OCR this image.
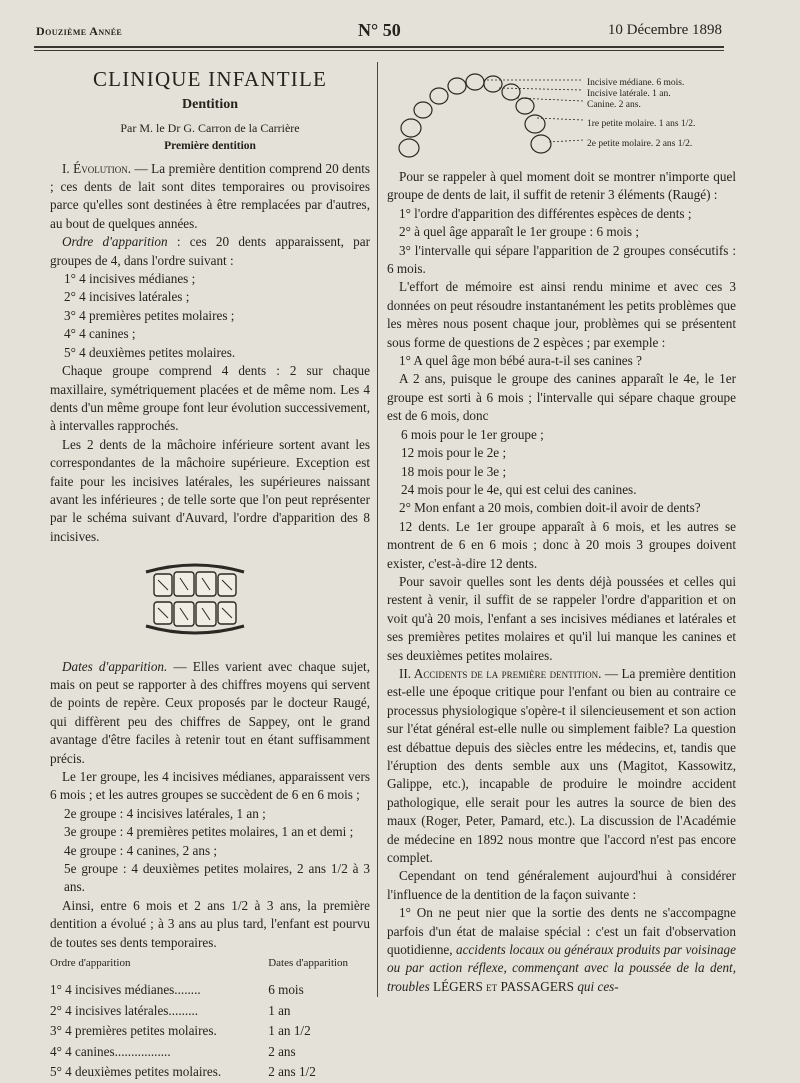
Douzième Année	N° 50	10 Décembre 1898
CLINIQUE INFANTILE
Dentition
Par M. le Dr G. Carron de la Carrière
Première dentition

I. Évolution. — La première dentition comprend 20 dents ; ces dents de lait sont dites temporaires ou provisoires parce qu'elles sont destinées à être remplacées par d'autres, au bout de quelques années.

Ordre d'apparition : ces 20 dents apparaissent, par groupes de 4, dans l'ordre suivant :

1° 4 incisives médianes ;

2° 4 incisives latérales ;

3° 4 premières petites molaires ;

4° 4 canines ;

5° 4 deuxièmes petites molaires.

Chaque groupe comprend 4 dents : 2 sur chaque maxillaire, symétriquement placées et de même nom. Les 4 dents d'un même groupe font leur évolution successivement, à intervalles rapprochés.

Les 2 dents de la mâchoire inférieure sortent avant les correspondantes de la mâchoire supérieure. Exception est faite pour les incisives latérales, les supérieures naissant avant les inférieures ; de telle sorte que l'on peut représenter par le schéma suivant d'Auvard, l'ordre d'apparition des 8 incisives.

Dates d'apparition. — Elles varient avec chaque sujet, mais on peut se rapporter à des chiffres moyens qui servent de points de repère. Ceux proposés par le docteur Raugé, qui diffèrent peu des chiffres de Sappey, ont le grand avantage d'être faciles à retenir tout en étant suffisamment précis.

Le 1er groupe, les 4 incisives médianes, apparaissent vers 6 mois ; et les autres groupes se succèdent de 6 en 6 mois ;

2e groupe : 4 incisives latérales, 1 an ;

3e groupe : 4 premières petites molaires, 1 an et demi ;

4e groupe : 4 canines, 2 ans ;

5e groupe : 4 deuxièmes petites molaires, 2 ans 1/2 à 3 ans.

Ainsi, entre 6 mois et 2 ans 1/2 à 3 ans, la première dentition a évolué ; à 3 ans au plus tard, l'enfant est pourvu de toutes ses dents temporaires.

Ordre d'apparition	Dates d'apparition
1° 4 incisives médianes........	6 mois
2° 4 incisives latérales.........	1 an
3° 4 premières petites molaires.	1 an 1/2
4° 4 canines.................	2 ans
5° 4 deuxièmes petites molaires.	2 ans 1/2
Incisive médiane. 6 mois.
Incisive latérale. 1 an.
Canine. 2 ans.
1re petite molaire. 1 ans 1/2.
2e petite molaire. 2 ans 1/2.

Pour se rappeler à quel moment doit se montrer n'importe quel groupe de dents de lait, il suffit de retenir 3 éléments (Raugé) :

1° l'ordre d'apparition des différentes espèces de dents ;

2° à quel âge apparaît le 1er groupe : 6 mois ;

3° l'intervalle qui sépare l'apparition de 2 groupes consécutifs : 6 mois.

L'effort de mémoire est ainsi rendu minime et avec ces 3 données on peut résoudre instantanément les petits problèmes que les mères nous posent chaque jour, problèmes qui se présentent sous forme de questions de 2 espèces ; par exemple :

1° A quel âge mon bébé aura-t-il ses canines ?

A 2 ans, puisque le groupe des canines apparaît le 4e, le 1er groupe est sorti à 6 mois ; l'intervalle qui sépare chaque groupe est de 6 mois, donc

6 mois pour le 1er groupe ;

12 mois pour le 2e ;

18 mois pour le 3e ;

24 mois pour le 4e, qui est celui des canines.

2° Mon enfant a 20 mois, combien doit-il avoir de dents?

12 dents. Le 1er groupe apparaît à 6 mois, et les autres se montrent de 6 en 6 mois ; donc à 20 mois 3 groupes doivent exister, c'est-à-dire 12 dents.

Pour savoir quelles sont les dents déjà poussées et celles qui restent à venir, il suffit de se rappeler l'ordre d'apparition et on voit qu'à 20 mois, l'enfant a ses incisives médianes et latérales et ses premières petites molaires et qu'il lui manque les canines et ses deuxièmes petites molaires.

II. Accidents de la première dentition. — La première dentition est-elle une époque critique pour l'enfant ou bien au contraire ce processus physiologique s'opère-t il silencieusement et son action sur l'état général est-elle nulle ou simplement faible? La question est débattue depuis des siècles entre les médecins, et, tandis que l'éruption des dents semble aux uns (Magitot, Kassowitz, Galippe, etc.), incapable de produire le moindre accident pathologique, elle serait pour les autres la source de bien des maux (Roger, Peter, Pamard, etc.). La discussion de l'Académie de médecine en 1892 nous montre que l'accord n'est pas encore complet.

Cependant on tend généralement aujourd'hui à considérer l'influence de la dentition de la façon suivante :

1° On ne peut nier que la sortie des dents ne s'accompagne parfois d'un état de malaise spécial : c'est un fait d'observation quotidienne, accidents locaux ou généraux produits par voisinage ou par action réflexe, commençant avec la poussée de la dent, troubles LÉGERS et PASSAGERS qui ces-
